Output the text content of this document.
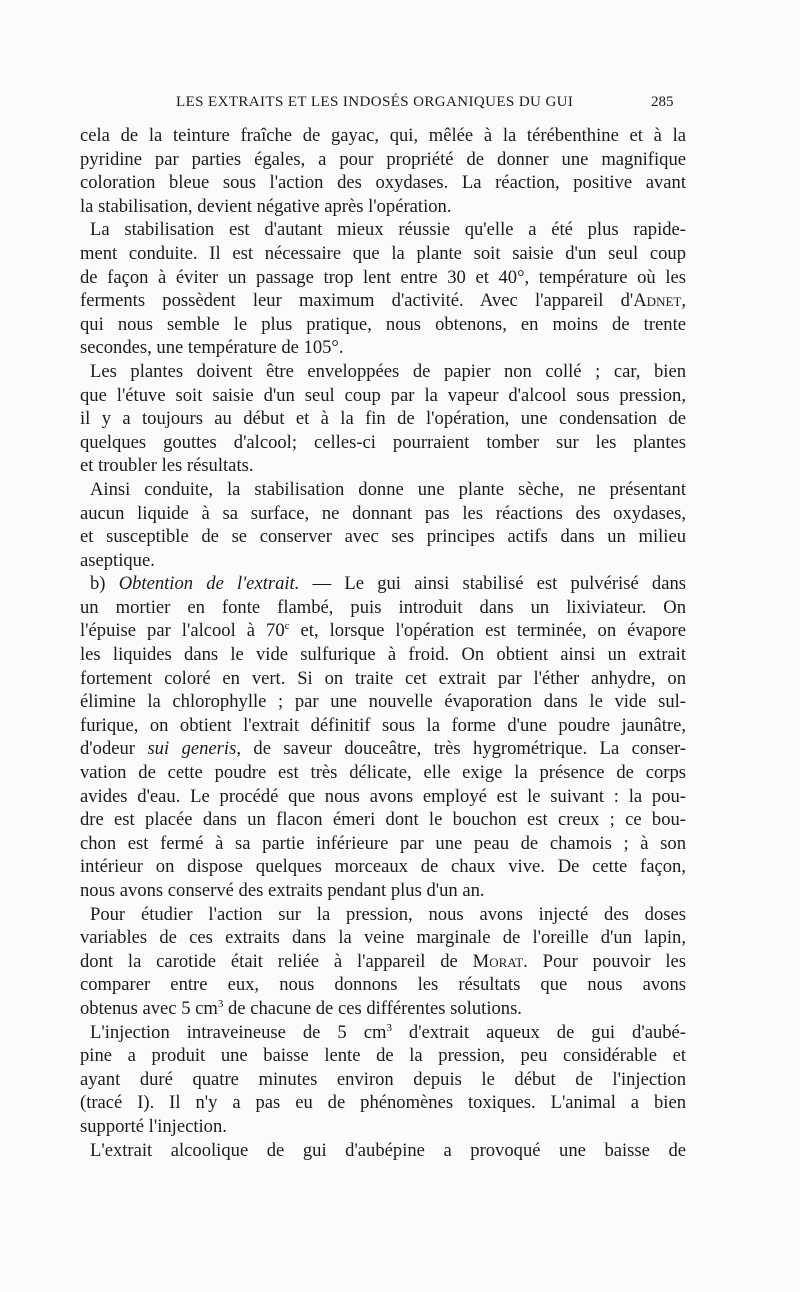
LES EXTRAITS ET LES INDOSÉS ORGANIQUES DU GUI	285
cela de la teinture fraîche de gayac, qui, mêlée à la térébenthine et à la
pyridine par parties égales, a pour propriété de donner une magnifique
coloration bleue sous l'action des oxydases. La réaction, positive avant
la stabilisation, devient négative après l'opération.
La stabilisation est d'autant mieux réussie qu'elle a été plus rapide-
ment conduite. Il est nécessaire que la plante soit saisie d'un seul coup
de façon à éviter un passage trop lent entre 30 et 40°, température où les
ferments possèdent leur maximum d'activité. Avec l'appareil d'Adnet,
qui nous semble le plus pratique, nous obtenons, en moins de trente
secondes, une température de 105°.
Les plantes doivent être enveloppées de papier non collé ; car, bien
que l'étuve soit saisie d'un seul coup par la vapeur d'alcool sous pression,
il y a toujours au début et à la fin de l'opération, une condensation de
quelques gouttes d'alcool; celles-ci pourraient tomber sur les plantes
et troubler les résultats.
Ainsi conduite, la stabilisation donne une plante sèche, ne présentant
aucun liquide à sa surface, ne donnant pas les réactions des oxydases,
et susceptible de se conserver avec ses principes actifs dans un milieu
aseptique.
b) Obtention de l'extrait. — Le gui ainsi stabilisé est pulvérisé dans
un mortier en fonte flambé, puis introduit dans un lixiviateur. On
l'épuise par l'alcool à 70$^c$ et, lorsque l'opération est terminée, on évapore
les liquides dans le vide sulfurique à froid. On obtient ainsi un extrait
fortement coloré en vert. Si on traite cet extrait par l'éther anhydre, on
élimine la chlorophylle ; par une nouvelle évaporation dans le vide sul-
furique, on obtient l'extrait définitif sous la forme d'une poudre jaunâtre,
d'odeur sui generis, de saveur douceâtre, très hygrométrique. La conser-
vation de cette poudre est très délicate, elle exige la présence de corps
avides d'eau. Le procédé que nous avons employé est le suivant : la pou-
dre est placée dans un flacon émeri dont le bouchon est creux ; ce bou-
chon est fermé à sa partie inférieure par une peau de chamois ; à son
intérieur on dispose quelques morceaux de chaux vive. De cette façon,
nous avons conservé des extraits pendant plus d'un an.
Pour étudier l'action sur la pression, nous avons injecté des doses
variables de ces extraits dans la veine marginale de l'oreille d'un lapin,
dont la carotide était reliée à l'appareil de Morat. Pour pouvoir les
comparer entre eux, nous donnons les résultats que nous avons
obtenus avec 5 $cm^3$ de chacune de ces différentes solutions.
L'injection intraveineuse de 5 $cm^3$ d'extrait aqueux de gui d'aubé-
pine a produit une baisse lente de la pression, peu considérable et
ayant duré quatre minutes environ depuis le début de l'injection
(tracé I). Il n'y a pas eu de phénomènes toxiques. L'animal a bien
supporté l'injection.
L'extrait alcoolique de gui d'aubépine a provoqué une baisse de
